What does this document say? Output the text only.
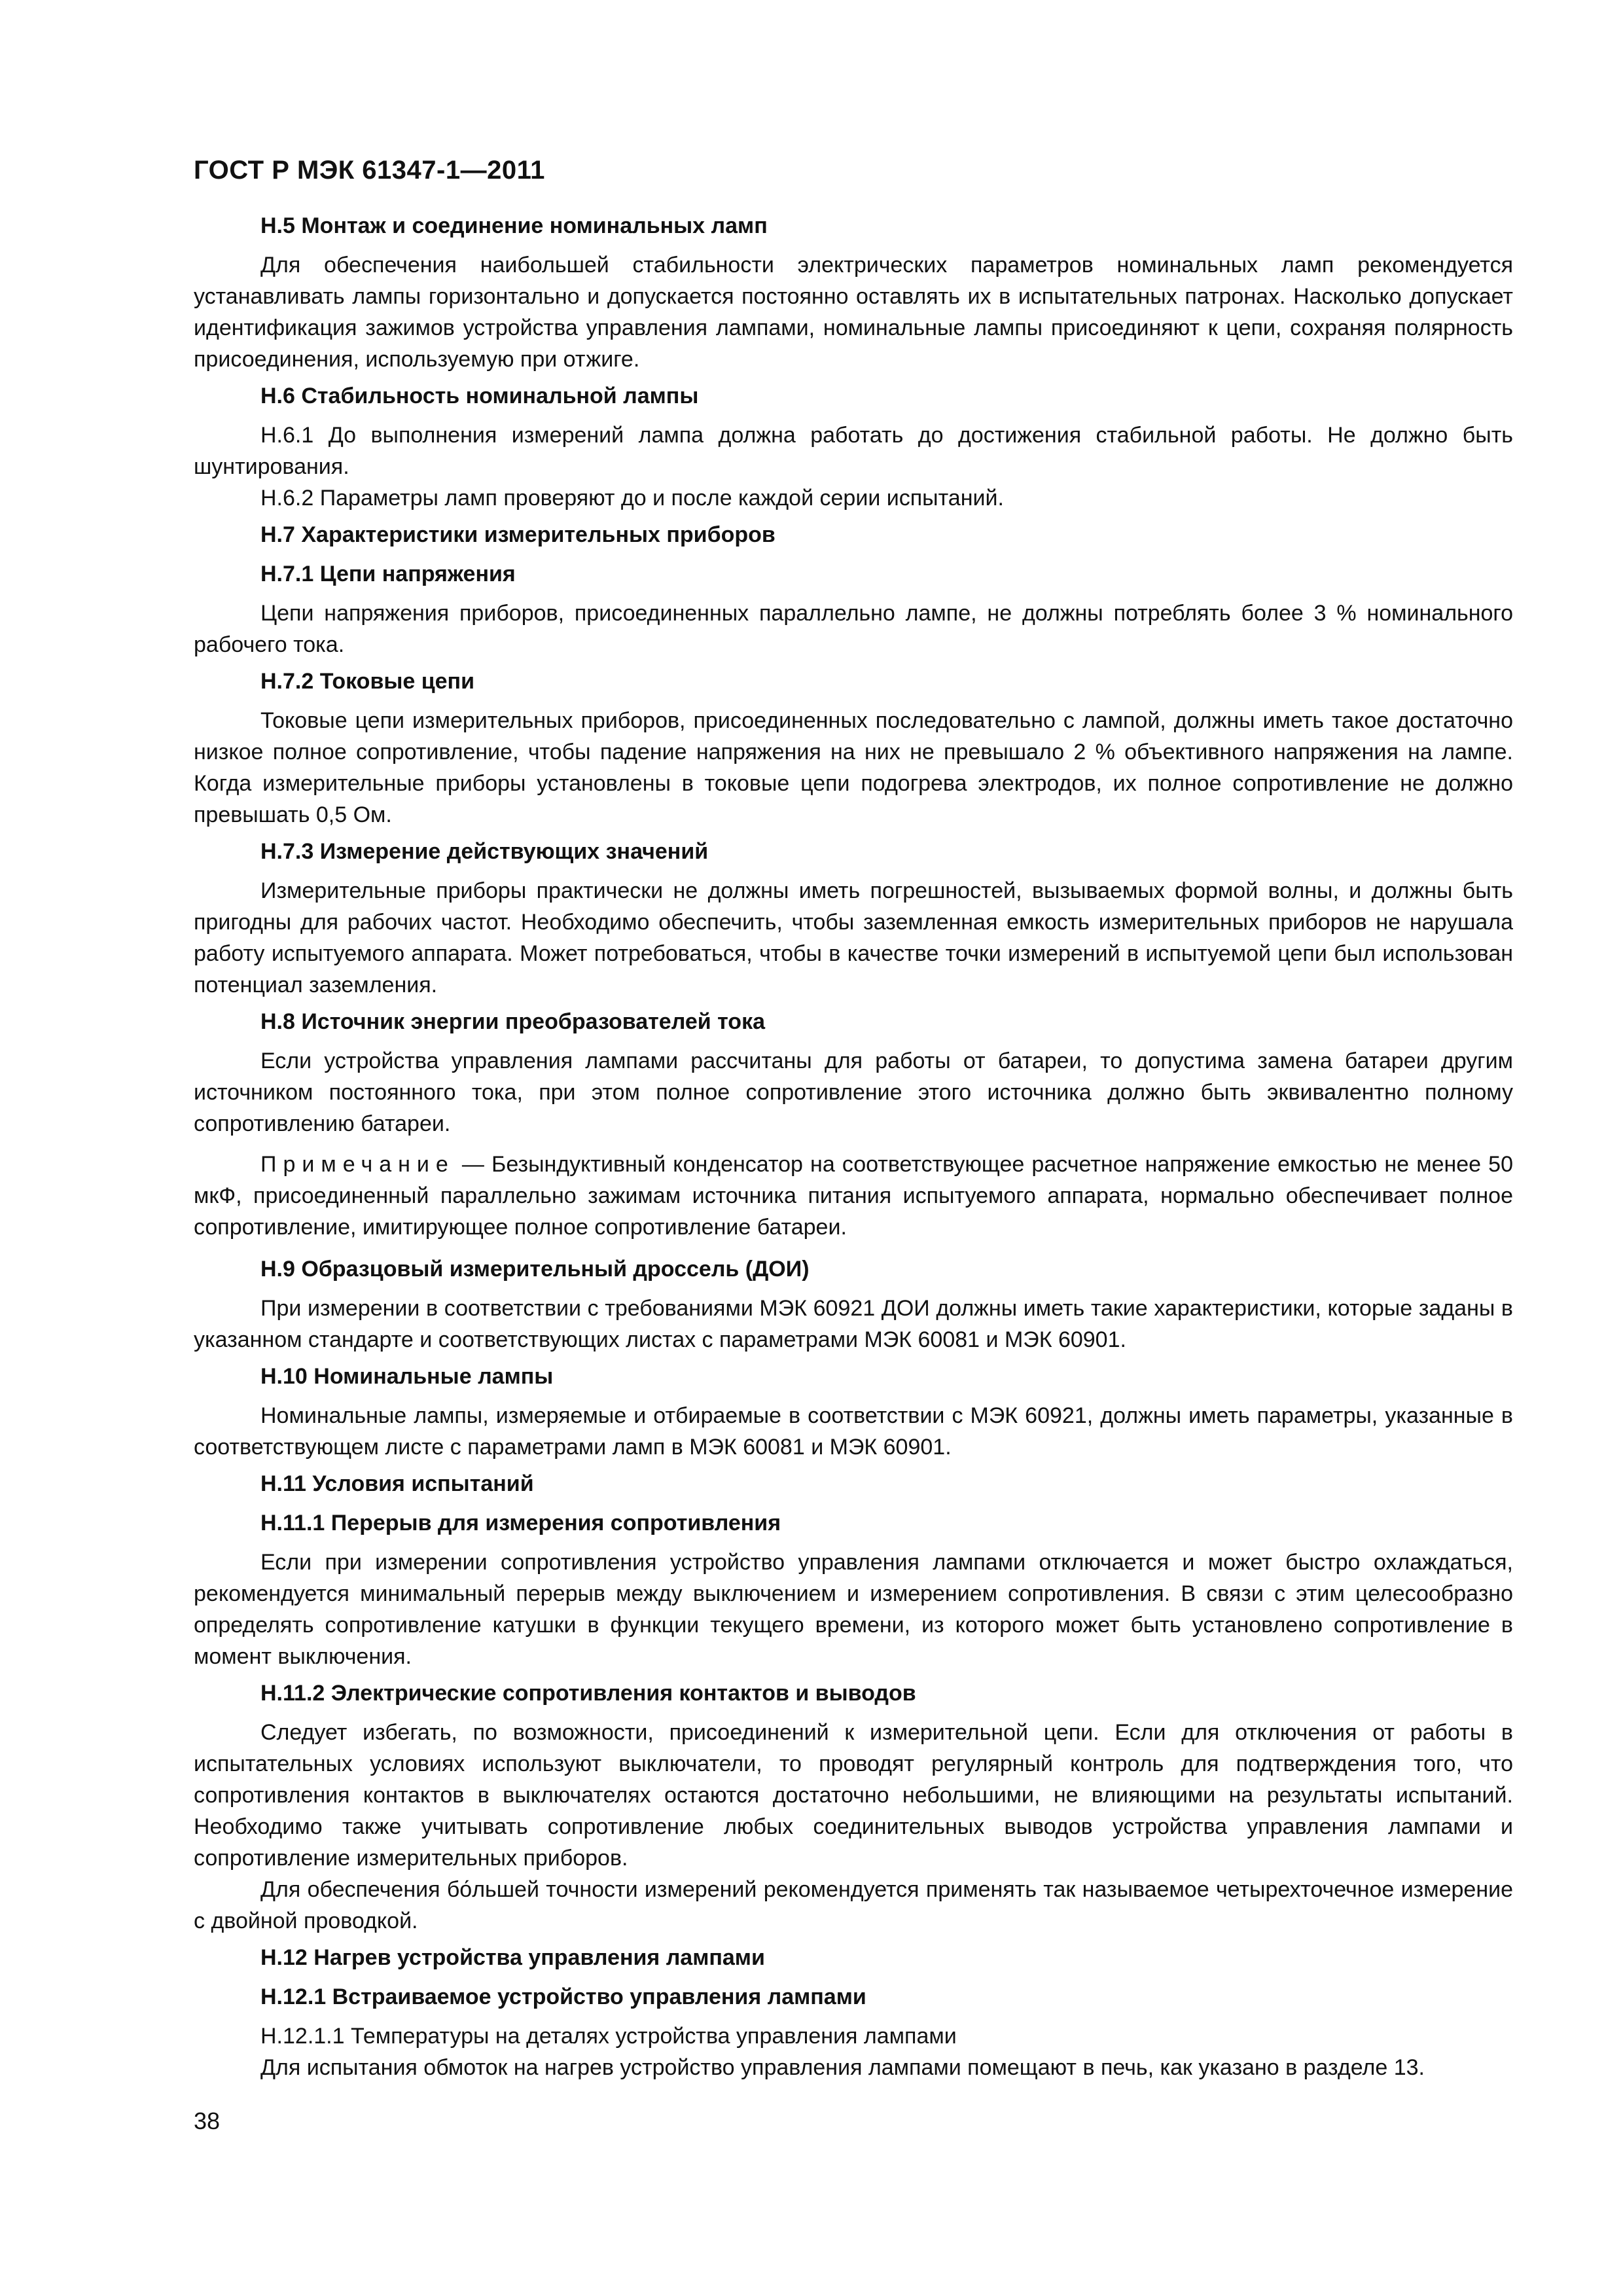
ГОСТ Р МЭК 61347-1—2011
Н.5 Монтаж и соединение номинальных ламп

Для обеспечения наибольшей стабильности электрических параметров номинальных ламп рекомендуется устанавливать лампы горизонтально и допускается постоянно оставлять их в испытательных патронах. Насколько допускает идентификация зажимов устройства управления лампами, номинальные лампы присоединяют к цепи, сохраняя полярность присоединения, используемую при отжиге.

Н.6 Стабильность номинальной лампы

Н.6.1 До выполнения измерений лампа должна работать до достижения стабильной работы. Не должно быть шунтирования.

Н.6.2 Параметры ламп проверяют до и после каждой серии испытаний.

Н.7 Характеристики измерительных приборов
Н.7.1 Цепи напряжения

Цепи напряжения приборов, присоединенных параллельно лампе, не должны потреблять более 3 % номинального рабочего тока.

Н.7.2 Токовые цепи

Токовые цепи измерительных приборов, присоединенных последовательно с лампой, должны иметь такое достаточно низкое полное сопротивление, чтобы падение напряжения на них не превышало 2 % объективного напряжения на лампе. Когда измерительные приборы установлены в токовые цепи подогрева электродов, их полное сопротивление не должно превышать 0,5 Ом.

Н.7.3 Измерение действующих значений

Измерительные приборы практически не должны иметь погрешностей, вызываемых формой волны, и должны быть пригодны для рабочих частот. Необходимо обеспечить, чтобы заземленная емкость измерительных приборов не нарушала работу испытуемого аппарата. Может потребоваться, чтобы в качестве точки измерений в испытуемой цепи был использован потенциал заземления.

Н.8 Источник энергии преобразователей тока

Если устройства управления лампами рассчитаны для работы от батареи, то допустима замена батареи другим источником постоянного тока, при этом полное сопротивление этого источника должно быть эквивалентно полному сопротивлению батареи.

Примечание — Безындуктивный конденсатор на соответствующее расчетное напряжение емкостью не менее 50 мкФ, присоединенный параллельно зажимам источника питания испытуемого аппарата, нормально обеспечивает полное сопротивление, имитирующее полное сопротивление батареи.

Н.9 Образцовый измерительный дроссель (ДОИ)

При измерении в соответствии с требованиями МЭК 60921 ДОИ должны иметь такие характеристики, которые заданы в указанном стандарте и соответствующих листах с параметрами МЭК 60081 и МЭК 60901.

Н.10 Номинальные лампы

Номинальные лампы, измеряемые и отбираемые в соответствии с МЭК 60921, должны иметь параметры, указанные в соответствующем листе с параметрами ламп в МЭК 60081 и МЭК 60901.

Н.11 Условия испытаний
Н.11.1 Перерыв для измерения сопротивления

Если при измерении сопротивления устройство управления лампами отключается и может быстро охлаждаться, рекомендуется минимальный перерыв между выключением и измерением сопротивления. В связи с этим целесообразно определять сопротивление катушки в функции текущего времени, из которого может быть установлено сопротивление в момент выключения.

Н.11.2 Электрические сопротивления контактов и выводов

Следует избегать, по возможности, присоединений к измерительной цепи. Если для отключения от работы в испытательных условиях используют выключатели, то проводят регулярный контроль для подтверждения того, что сопротивления контактов в выключателях остаются достаточно небольшими, не влияющими на результаты испытаний. Необходимо также учитывать сопротивление любых соединительных выводов устройства управления лампами и сопротивление измерительных приборов.

Для обеспечения бо́льшей точности измерений рекомендуется применять так называемое четырехточечное измерение с двойной проводкой.

Н.12 Нагрев устройства управления лампами
Н.12.1 Встраиваемое устройство управления лампами

Н.12.1.1 Температуры на деталях устройства управления лампами

Для испытания обмоток на нагрев устройство управления лампами помещают в печь, как указано в разделе 13.

38
